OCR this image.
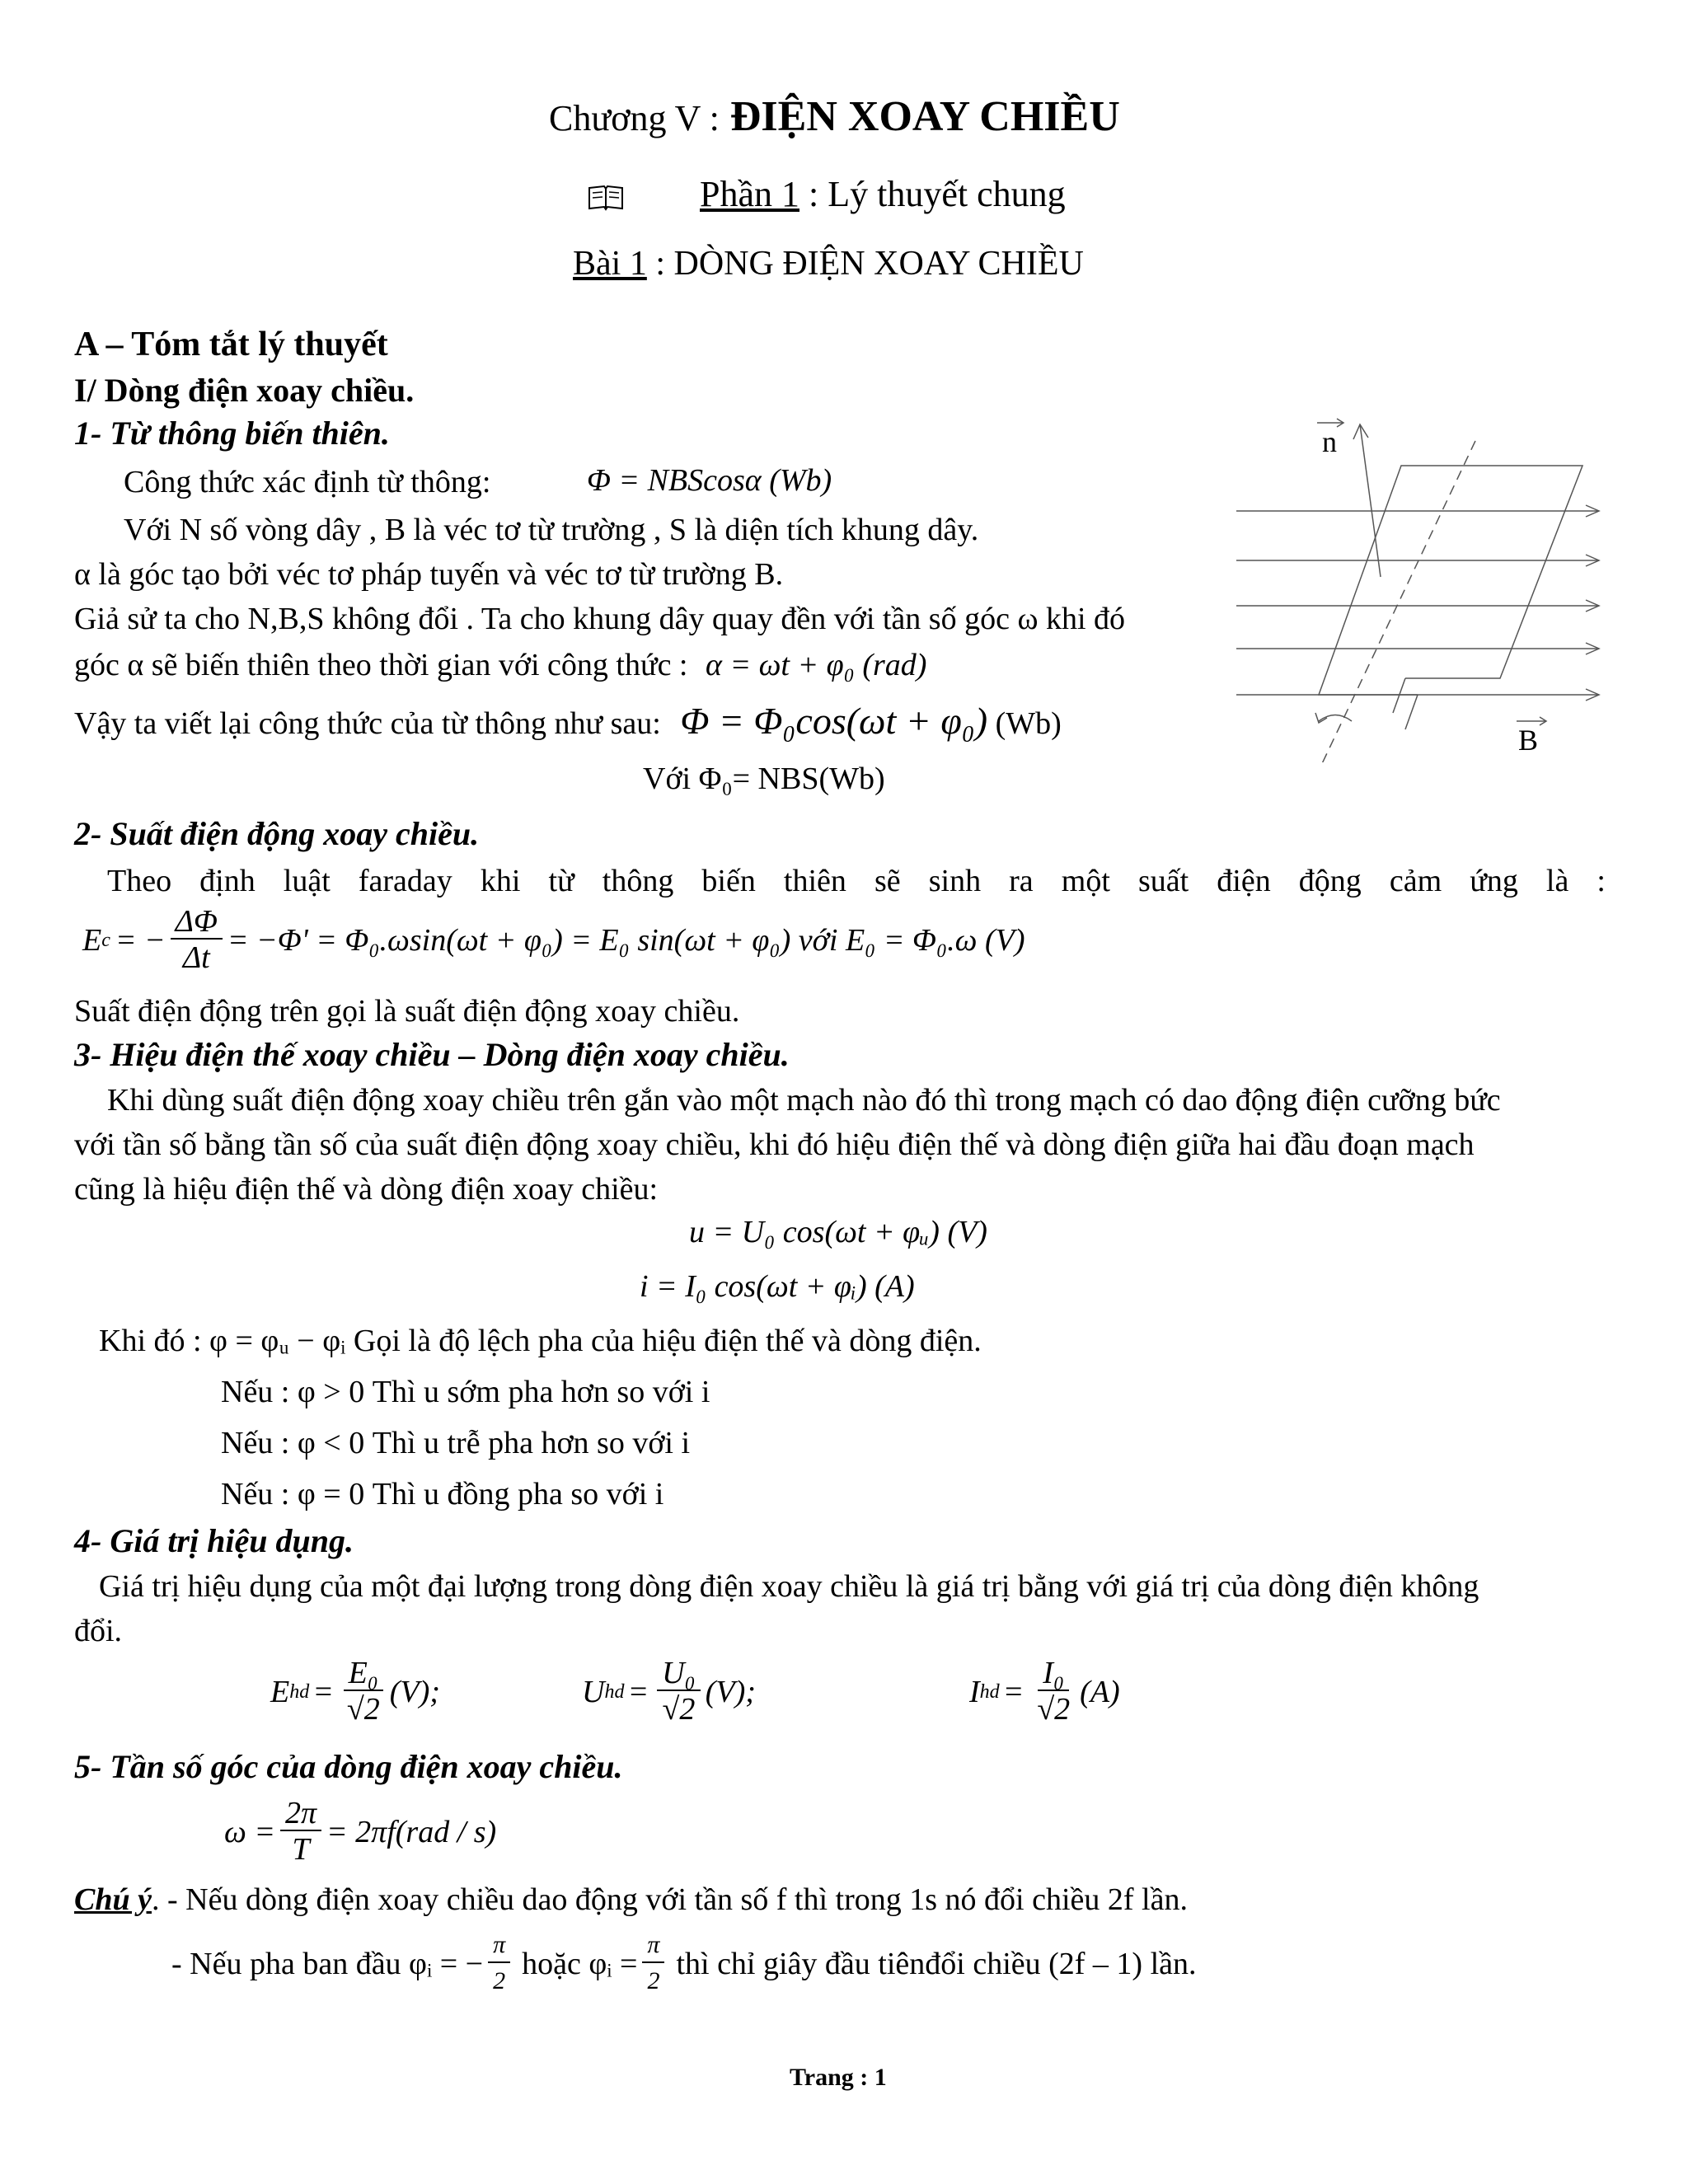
Chương V : ĐIỆN XOAY CHIỀU
Phần 1 : Lý thuyết chung
Bài 1 : DÒNG ĐIỆN XOAY CHIỀU
A – Tóm tắt lý thuyết
I/ Dòng điện xoay chiều.
1- Từ thông biến thiên.
Công thức xác định từ thông:	Φ = NBScosα (Wb)
Với N số vòng dây , B là véc tơ từ trường , S là diện tích khung dây.
α là góc tạo bởi véc tơ pháp tuyến và véc tơ từ trường B.
Giả sử ta cho N,B,S không đổi . Ta cho khung dây quay đền với tần số góc ω khi đó
góc α sẽ biến thiên theo thời gian với công thức : α = ωt + φ₀ (rad)
Vậy ta viết lại công thức của từ thông như sau: Φ = Φ₀cos(ωt + φ₀) (Wb)
Với Φ₀= NBS(Wb)
n
B
2- Suất điện động xoay chiều.
Theo định luật faraday khi từ thông biến thiên sẽ sinh ra một suất điện động cảm ứng là :
E c = − $\frac{\Delta\Phi}{\Delta t} = -\Phi' = \Phi_0.\omega\sin(\omega t + \varphi_0) = E_0$ sin(ωt + φ₀) với E₀ = Φ₀.ω (V)
Suất điện động trên gọi là suất điện động xoay chiều.
3- Hiệu điện thế xoay chiều – Dòng điện xoay chiều.
Khi dùng suất điện động xoay chiều trên gắn vào một mạch nào đó thì trong mạch có dao động điện cưỡng bức
với tần số bằng tần số của suất điện động xoay chiều, khi đó hiệu điện thế và dòng điện giữa hai đầu đoạn mạch
cũng là hiệu điện thế và dòng điện xoay chiều:
u = U₀ cos(ωt + φᵤ) (V)
i = I₀ cos(ωt + φᵢ) (A)
Khi đó : φ = φᵤ − φᵢ Gọi là độ lệch pha của hiệu điện thế và dòng điện.
Nếu : φ > 0 Thì u sớm pha hơn so với i
Nếu : φ < 0 Thì u trễ pha hơn so với i
Nếu : φ = 0 Thì u đồng pha so với i
4- Giá trị hiệu dụng.
Giá trị hiệu dụng của một đại lượng trong dòng điện xoay chiều là giá trị bằng với giá trị của dòng điện không
đổi.
E hd = $\frac{\text{E₀}}{√2} (V)$;	U hd = $\frac{\text{U₀}}{√2} (V)$;	I hd = $\frac{\text{I₀}}{√2} (A)$
5- Tần số góc của dòng điện xoay chiều.
$\omega = \frac{2\pi}{T} = 2\pi f(rad / s)$
Chú ý. - Nếu dòng điện xoay chiều dao động với tần số f thì trong 1s nó đổi chiều 2f lần.
- Nếu pha ban đầu φᵢ = − $\frac{\pi}{2}$ hoặc φᵢ = $\frac{\pi}{2}$ thì chỉ giây đầu tiênđổi chiều (2f – 1) lần.
Trang : 1
